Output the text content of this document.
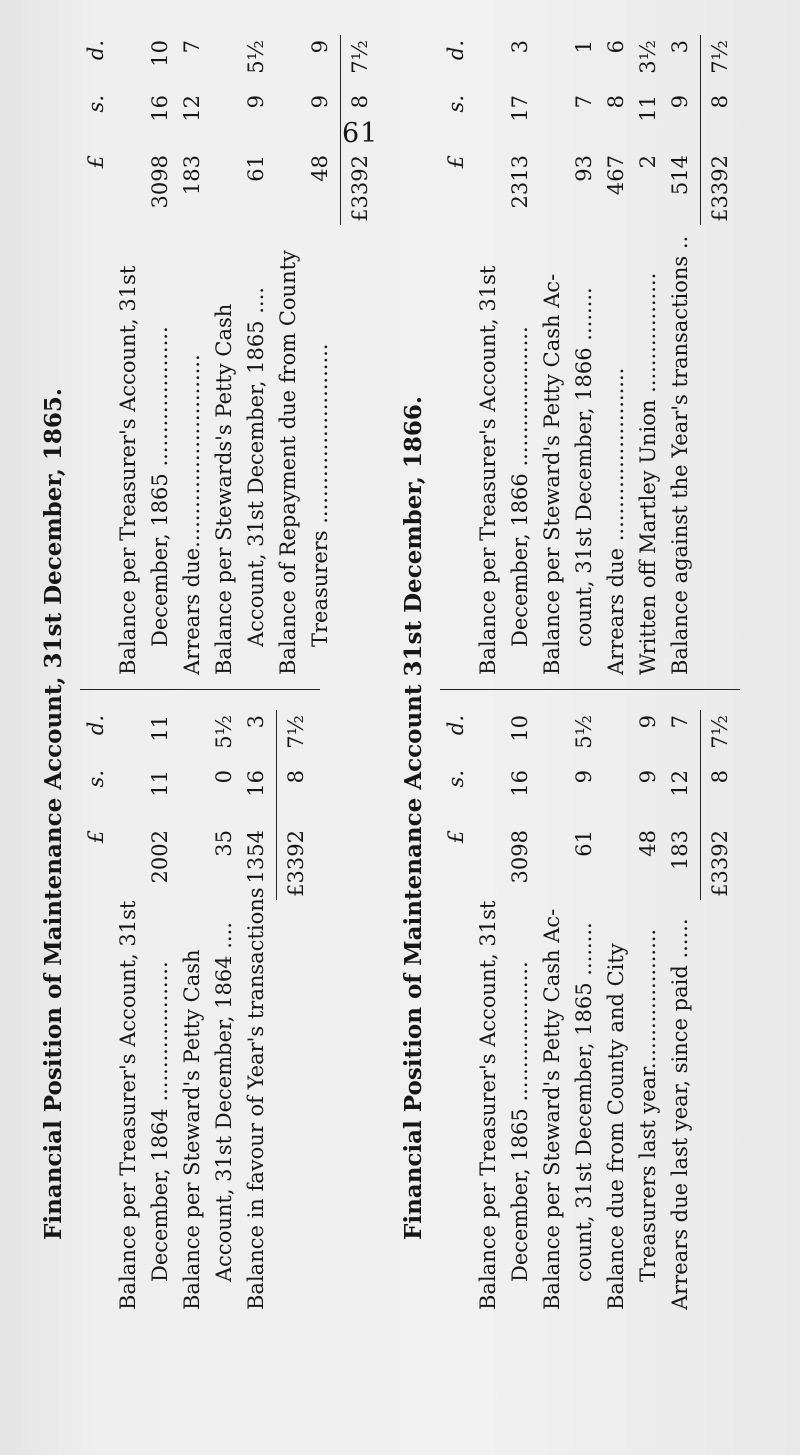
61
Financial Position of Maintenance Account, 31st December, 1865. £
s.
d.
Balance per Treasurer's Account, 31st December, 1864 .....................
2002
11
11
Balance per Steward's Petty Cash Account, 31st December, 1864 ....
35
0
5½
Balance in favour of Year's transactions
1354
16
3
£3392
8
7½
£
s.
d.
Balance per Treasurer's Account, 31st December, 1865 .....................
3098
16
10
Arrears due.............................
183
12
7
Balance per Stewards's Petty Cash Account, 31st December, 1865 ....
61
9
5½
Balance of Repayment due from County Treasurers ...........................
48
9
9
£3392
8
7½
Financial Position of Maintenance Account 31st December, 1866. £
s.
d.
Balance per Treasurer's Account, 31st December, 1865 .....................
3098
16
10
Balance per Steward's Petty Cash Ac- count, 31st December, 1865 ........
61
9
5½
Balance due from County and City Treasurers last year.....................
48
9
9
Arrears due last year, since paid ......
183
12
7
£3392
8
7½
£
s.
d.
Balance per Treasurer's Account, 31st December, 1866 .....................
2313
17
3
Balance per Steward's Petty Cash Ac- count, 31st December, 1866 ........
93
7
1
Arrears due ..........................
467
8
6
Written off Martley Union ..................
2
11
3½
Balance against the Year's transactions ..
514
9
3
£3392
8
7½
